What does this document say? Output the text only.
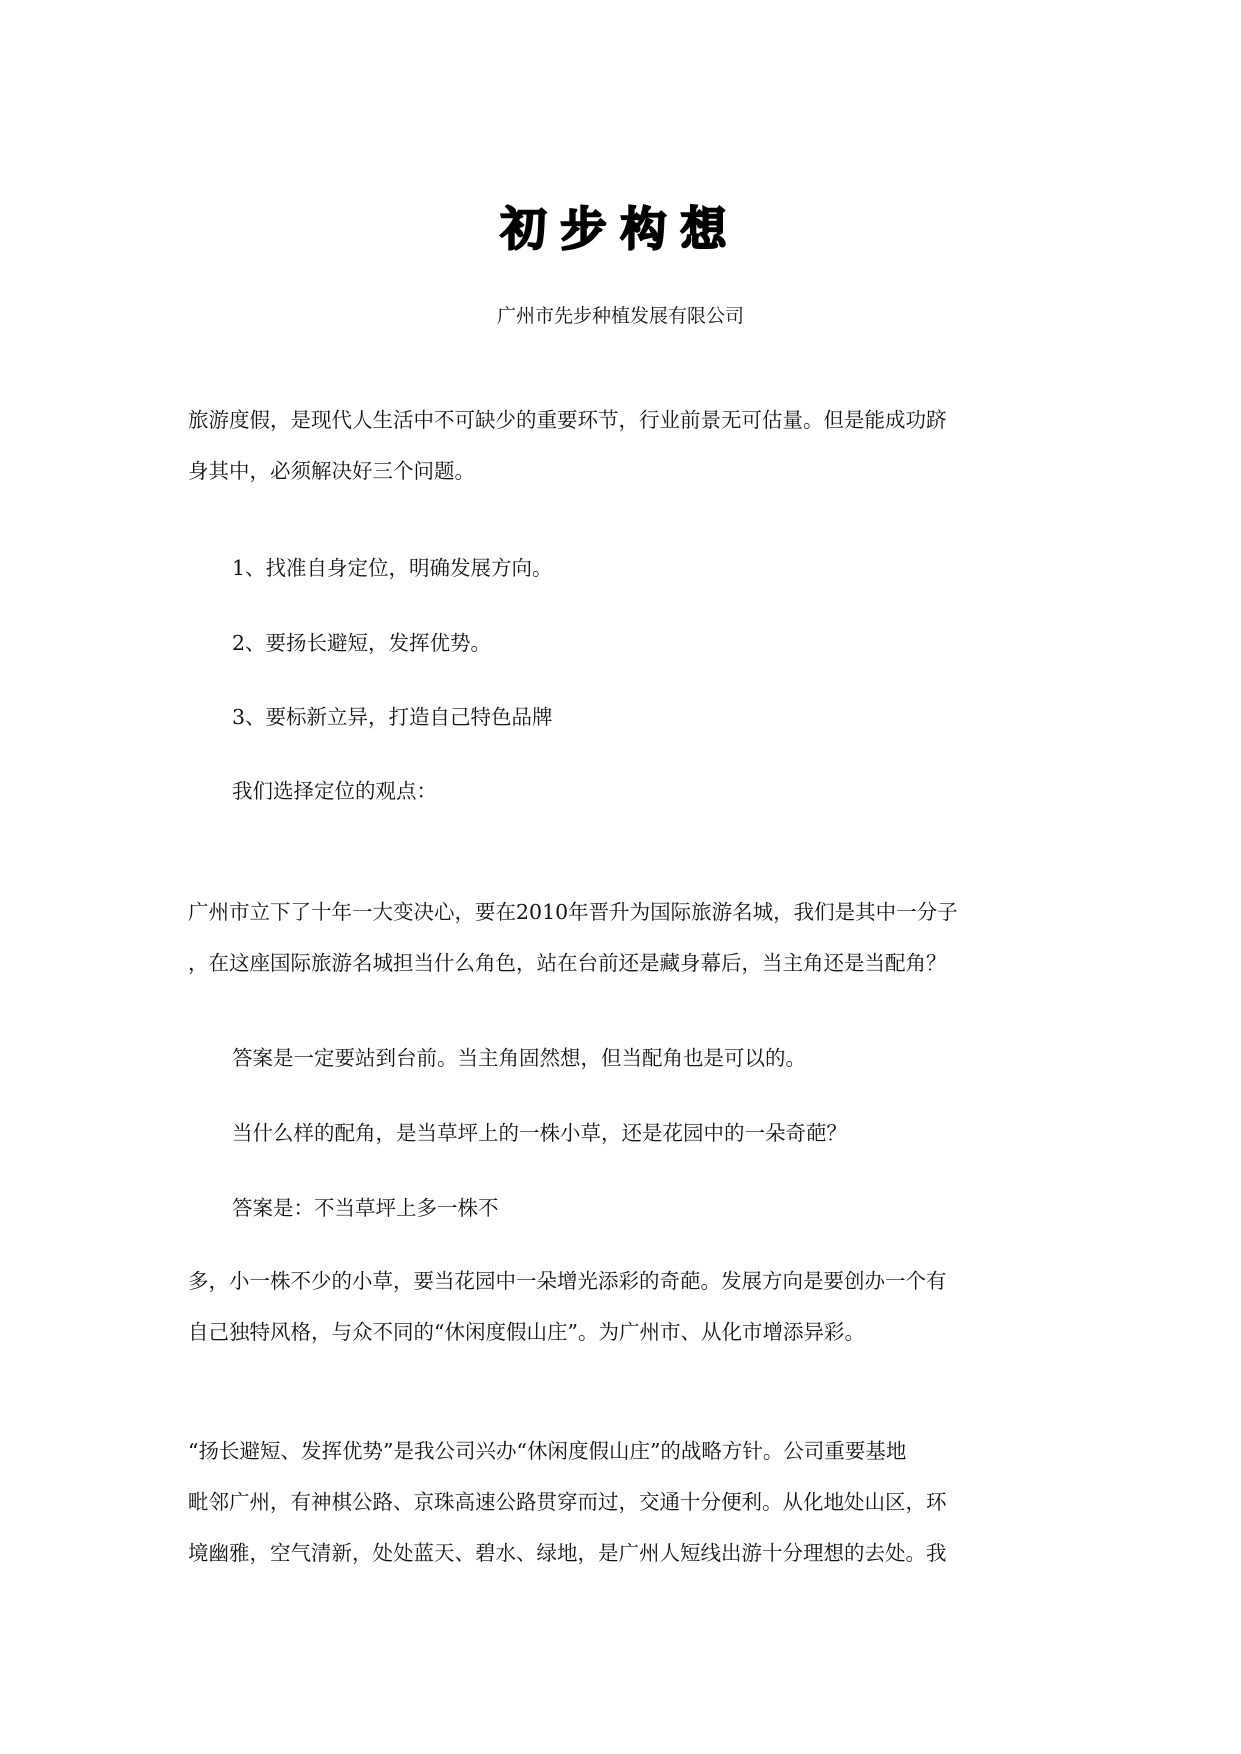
初步构想
广州市先步种植发展有限公司

旅游度假，是现代人生活中不可缺少的重要环节，行业前景无可估量。但是能成功跻
身其中，必须解决好三个问题。

1、找准自身定位，明确发展方向。

2、要扬长避短，发挥优势。

3、要标新立异，打造自己特色品牌

我们选择定位的观点：

广州市立下了十年一大变决心，要在2010年晋升为国际旅游名城，我们是其中一分子
，在这座国际旅游名城担当什么角色，站在台前还是藏身幕后，当主角还是当配角？

答案是一定要站到台前。当主角固然想，但当配角也是可以的。

当什么样的配角，是当草坪上的一株小草，还是花园中的一朵奇葩？

答案是：不当草坪上多一株不

多，小一株不少的小草，要当花园中一朵增光添彩的奇葩。发展方向是要创办一个有
自己独特风格，与众不同的“休闲度假山庄”。为广州市、从化市增添异彩。

“扬长避短、发挥优势”是我公司兴办“休闲度假山庄”的战略方针。公司重要基地
毗邻广州，有神棋公路、京珠高速公路贯穿而过，交通十分便利。从化地处山区，环
境幽雅，空气清新，处处蓝天、碧水、绿地，是广州人短线出游十分理想的去处。我
